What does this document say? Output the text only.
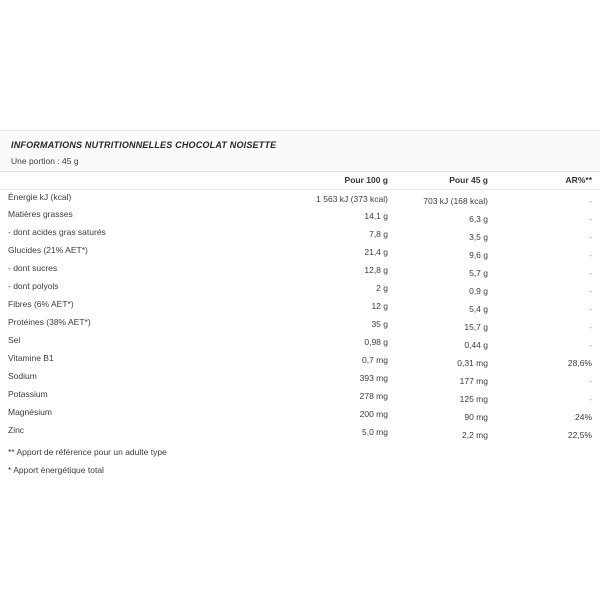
INFORMATIONS NUTRITIONNELLES CHOCOLAT NOISETTE
Une portion : 45 g
	Pour 100 g	Pour 45 g	AR%**
Énergie kJ (kcal)	1 563 kJ (373 kcal)	703 kJ (168 kcal)	-
Matières grasses	14,1 g	6,3 g	-
- dont acides gras saturés	7,8 g	3,5 g	-
Glucides (21% AET*)	21,4 g	9,6 g	-
- dont sucres	12,8 g	5,7 g	-
- dont polyols	2 g	0,9 g	-
Fibres (6% AET*)	12 g	5,4 g	-
Protéines (38% AET*)	35 g	15,7 g	-
Sel	0,98 g	0,44 g	-
Vitamine B1	0,7 mg	0,31 mg	28,6%
Sodium	393 mg	177 mg	-
Potassium	278 mg	125 mg	-
Magnésium	200 mg	90 mg	24%
Zinc	5,0 mg	2,2 mg	22,5%
** Apport de référence pour un adulte type
* Apport énergétique total
